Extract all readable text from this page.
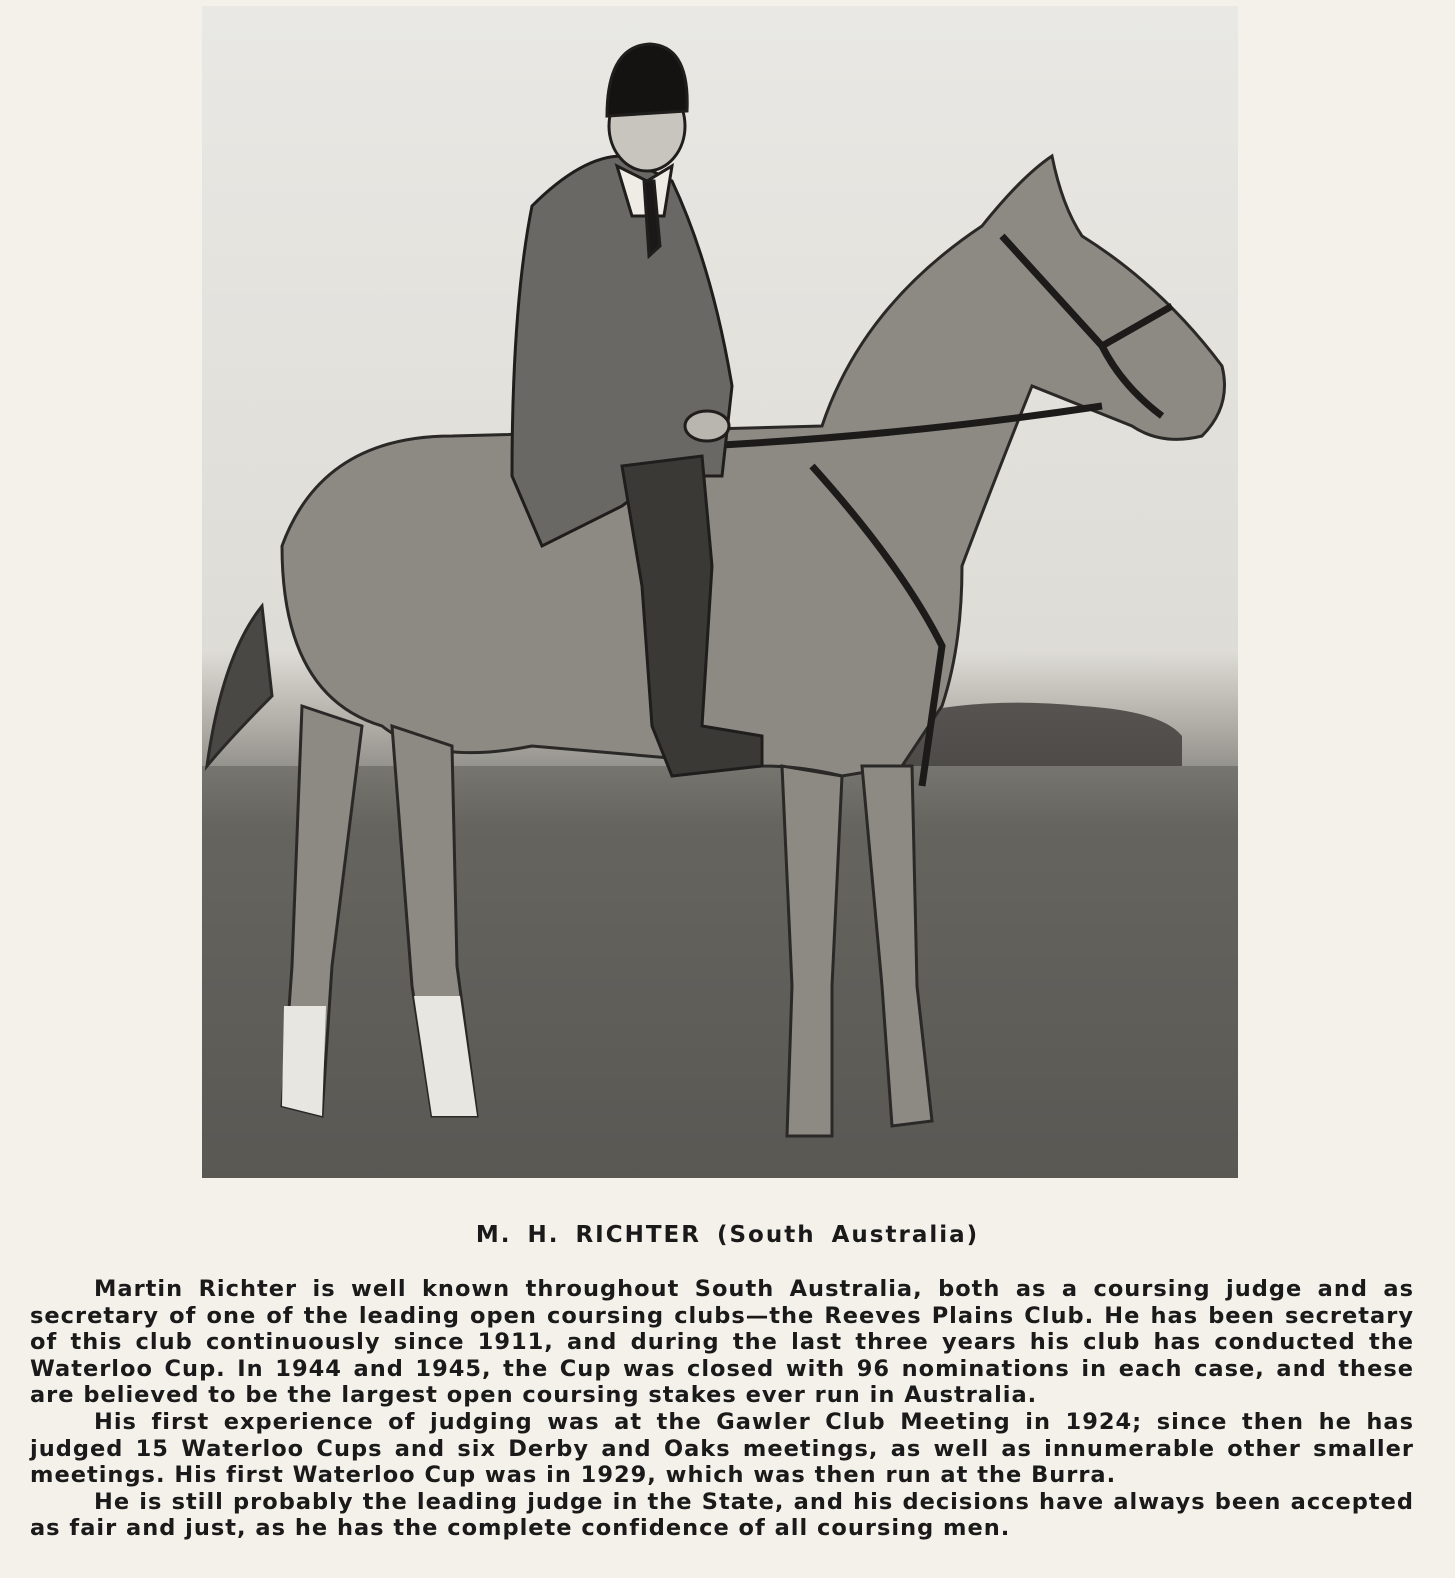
M. H. RICHTER (South Australia)

Martin Richter is well known throughout South Australia, both as a coursing judge and as secretary of one of the leading open coursing clubs—the Reeves Plains Club. He has been secretary of this club continuously since 1911, and during the last three years his club has conducted the Waterloo Cup. In 1944 and 1945, the Cup was closed with 96 nominations in each case, and these are believed to be the largest open coursing stakes ever run in Australia.

His first experience of judging was at the Gawler Club Meeting in 1924; since then he has judged 15 Waterloo Cups and six Derby and Oaks meetings, as well as innumerable other smaller meetings. His first Waterloo Cup was in 1929, which was then run at the Burra.

He is still probably the leading judge in the State, and his decisions have always been accepted as fair and just, as he has the complete confidence of all coursing men.
